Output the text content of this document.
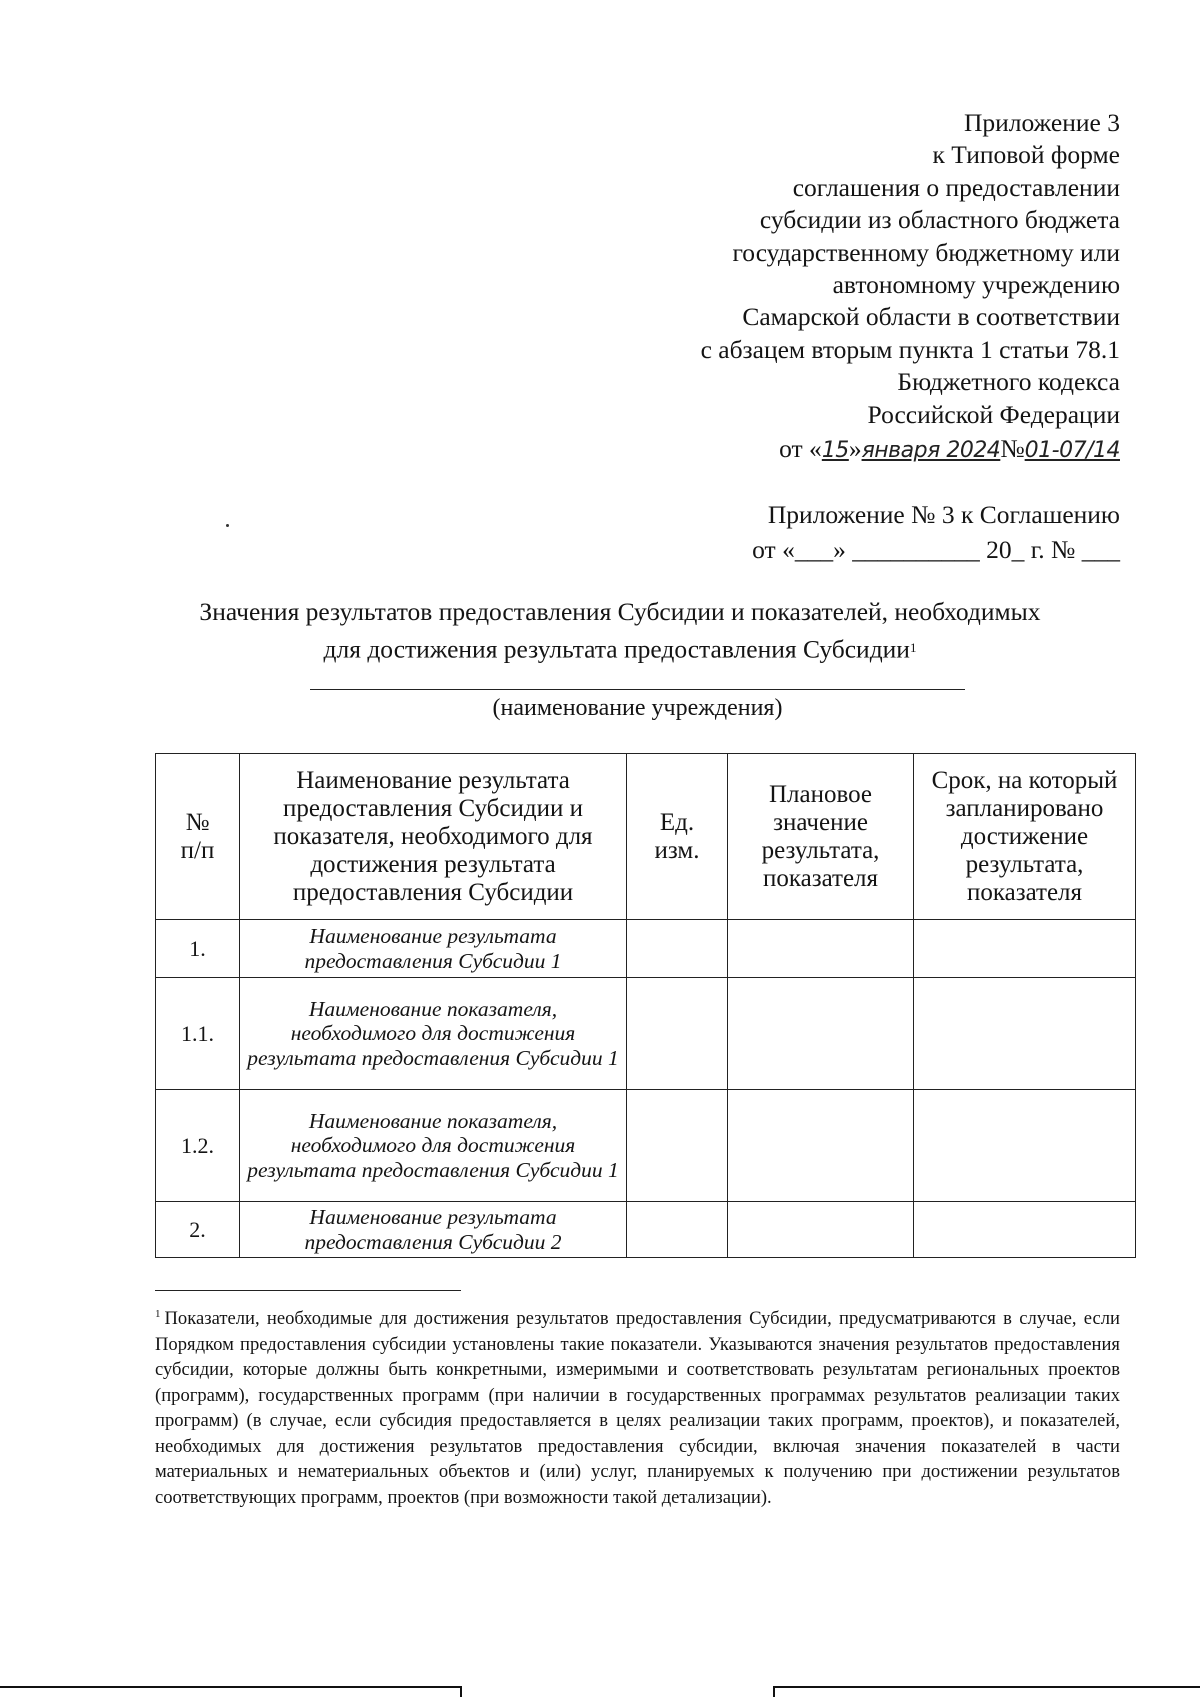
Приложение 3
к Типовой форме
соглашения о предоставлении
субсидии из областного бюджета
государственному бюджетному или
автономному учреждению
Самарской области в соответствии
с абзацем вторым пункта 1 статьи 78.1
Бюджетного кодекса
Российской Федерации
от «15»января 2024№01-07/14
Приложение № 3 к Соглашению
от «___» __________ 20_ г. № ___
Значения результатов предоставления Субсидии и показателей, необходимых
для достижения результата предоставления Субсидии$^1$
(наименование учреждения)
№ п/п	Наименование результата предоставления Субсидии и показателя, необходимого для достижения результата предоставления Субсидии	Ед. изм.	Плановое значение результата, показателя	Срок, на который запланировано достижение результата, показателя
1.	Наименование результата предоставления Субсидии 1			
1.1.	Наименование показателя, необходимого для достижения результата предоставления Субсидии 1			
1.2.	Наименование показателя, необходимого для достижения результата предоставления Субсидии 1			
2.	Наименование результата предоставления Субсидии 2			
$^1$ Показатели, необходимые для достижения результатов предоставления Субсидии, предусматриваются в случае, если Порядком предоставления субсидии установлены такие показатели. Указываются значения результатов предоставления субсидии, которые должны быть конкретными, измеримыми и соответствовать результатам региональных проектов (программ), государственных программ (при наличии в государственных программах результатов реализации таких программ) (в случае, если субсидия предоставляется в целях реализации таких программ, проектов), и показателей, необходимых для достижения результатов предоставления субсидии, включая значения показателей в части материальных и нематериальных объектов и (или) услуг, планируемых к получению при достижении результатов соответствующих программ, проектов (при возможности такой детализации).
